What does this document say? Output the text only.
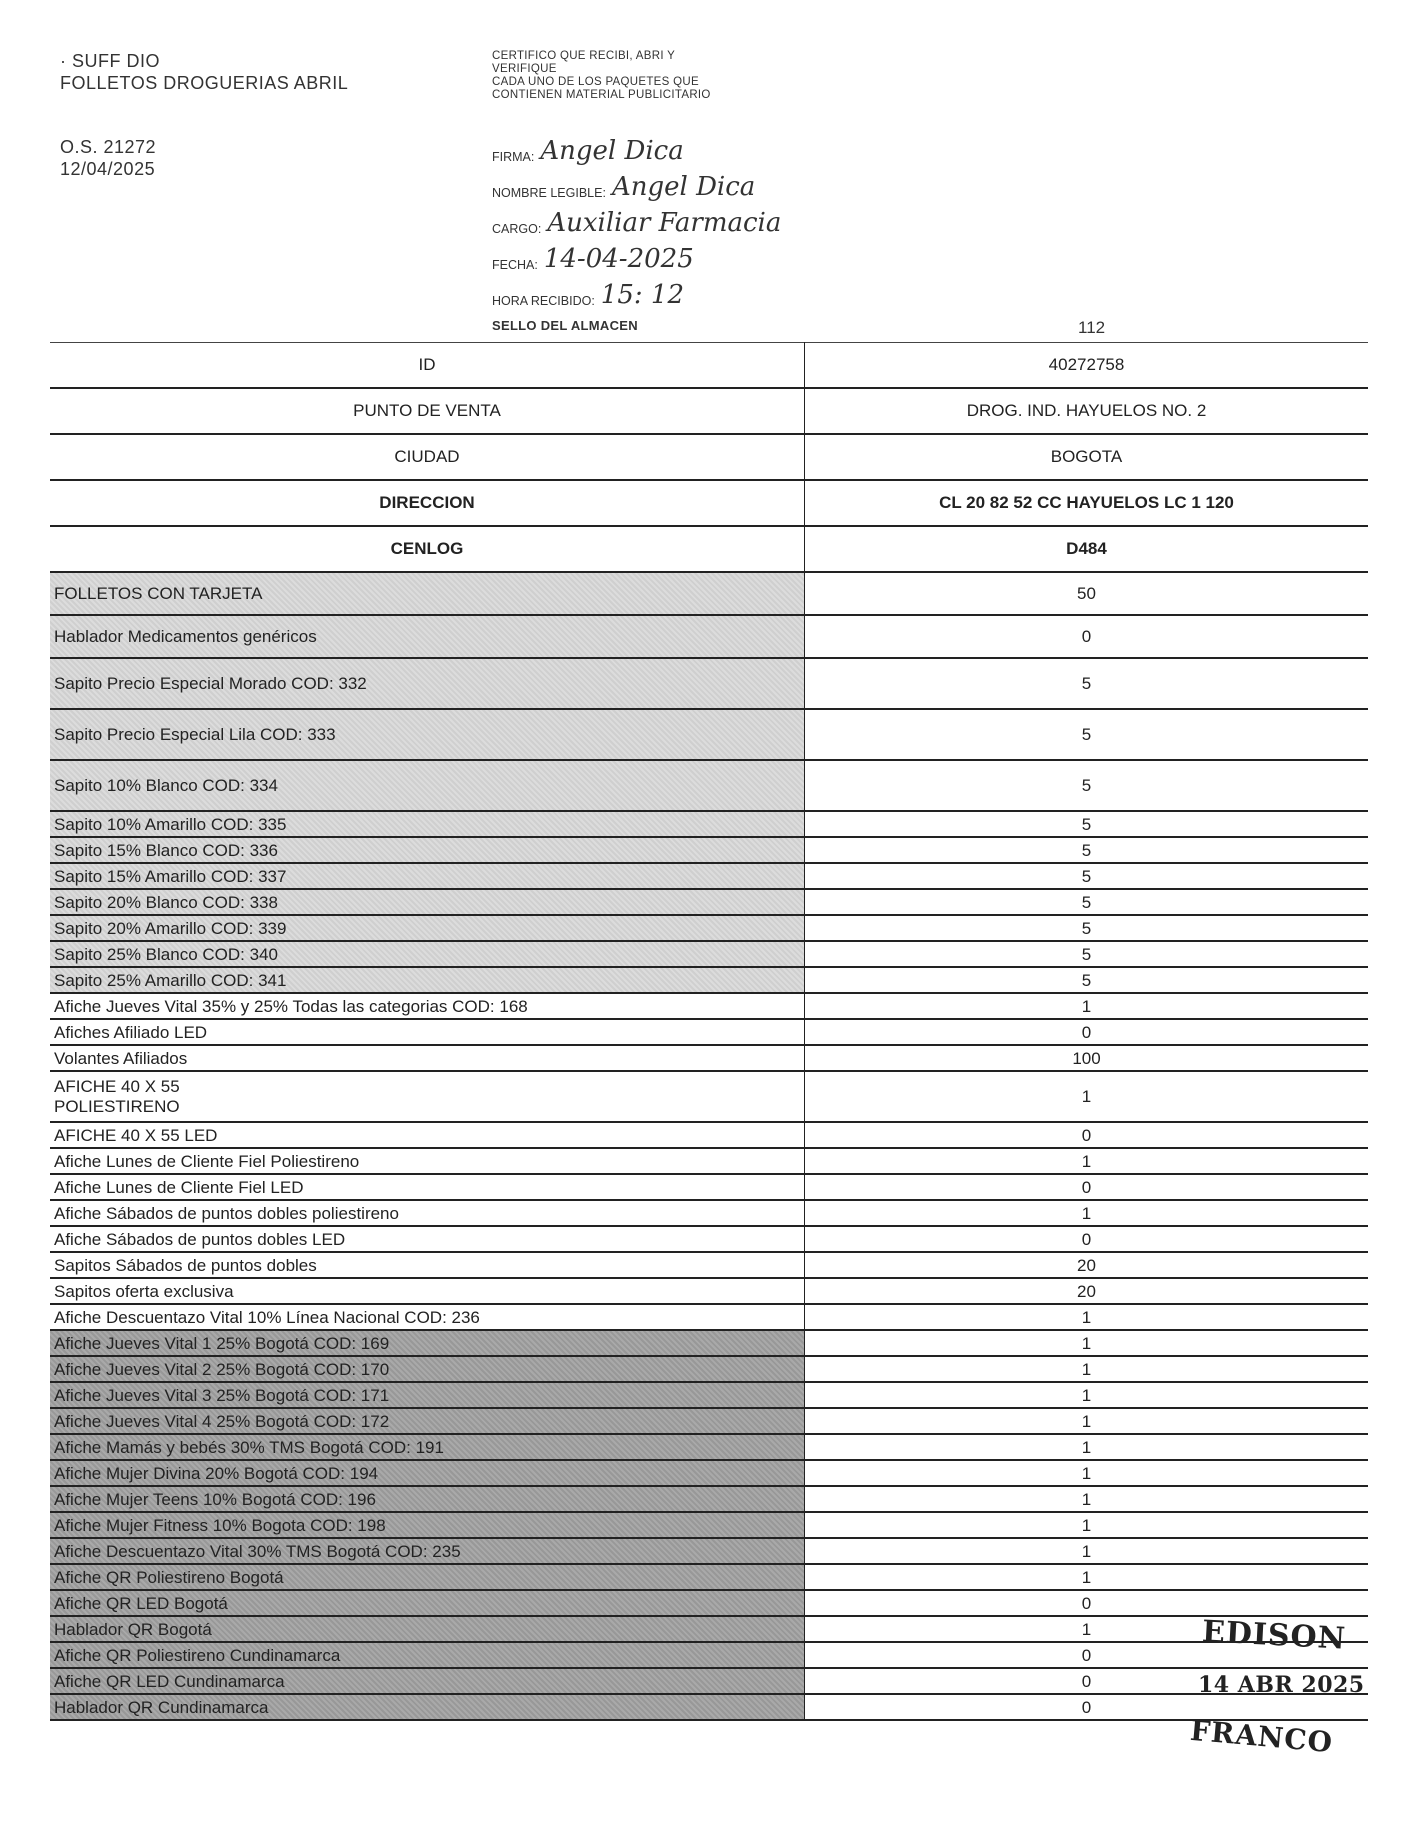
· SUFF DIO
FOLLETOS DROGUERIAS ABRIL
O.S. 21272
12/04/2025
CERTIFICO QUE RECIBI, ABRI Y
VERIFIQUE
CADA UNO DE LOS PAQUETES QUE
CONTIENEN MATERIAL PUBLICITARIO
FIRMA: Angel Dica
NOMBRE LEGIBLE: Angel Dica
CARGO: Auxiliar Farmacia
FECHA: 14-04-2025
HORA RECIBIDO: 15: 12
SELLO DEL ALMACEN	112
ID	40272758
PUNTO DE VENTA	DROG. IND. HAYUELOS NO. 2
CIUDAD	BOGOTA
DIRECCION	CL 20 82 52 CC HAYUELOS LC 1 120
CENLOG	D484
FOLLETOS CON TARJETA	50
Hablador Medicamentos genéricos	0
Sapito Precio Especial Morado COD: 332	5
Sapito Precio Especial Lila COD: 333	5
Sapito 10% Blanco COD: 334	5
Sapito 10% Amarillo COD: 335	5
Sapito 15% Blanco COD: 336	5
Sapito 15% Amarillo COD: 337	5
Sapito 20% Blanco COD: 338	5
Sapito 20% Amarillo COD: 339	5
Sapito 25% Blanco COD: 340	5
Sapito 25% Amarillo COD: 341	5
Afiche Jueves Vital 35% y 25% Todas las categorias COD: 168	1
Afiches Afiliado LED	0
Volantes Afiliados	100
AFICHE 40 X 55
POLIESTIRENO	1
AFICHE 40 X 55 LED	0
Afiche Lunes de Cliente Fiel Poliestireno	1
Afiche Lunes de Cliente Fiel LED	0
Afiche Sábados de puntos dobles poliestireno	1
Afiche Sábados de puntos dobles LED	0
Sapitos Sábados de puntos dobles	20
Sapitos oferta exclusiva	20
Afiche Descuentazo Vital 10% Línea Nacional COD: 236	1
Afiche Jueves Vital 1 25% Bogotá COD: 169	1
Afiche Jueves Vital 2 25% Bogotá COD: 170	1
Afiche Jueves Vital 3 25% Bogotá COD: 171	1
Afiche Jueves Vital 4 25% Bogotá COD: 172	1
Afiche Mamás y bebés 30% TMS Bogotá COD: 191	1
Afiche Mujer Divina 20% Bogotá COD: 194	1
Afiche Mujer Teens 10% Bogotá COD: 196	1
Afiche Mujer Fitness 10% Bogota COD: 198	1
Afiche Descuentazo Vital 30% TMS Bogotá COD: 235	1
Afiche QR Poliestireno Bogotá	1
Afiche QR LED Bogotá	0
Hablador QR Bogotá	1
Afiche QR Poliestireno Cundinamarca	0
Afiche QR LED Cundinamarca	0
Hablador QR Cundinamarca	0
EDISON
14 ABR 2025
FRANCO
